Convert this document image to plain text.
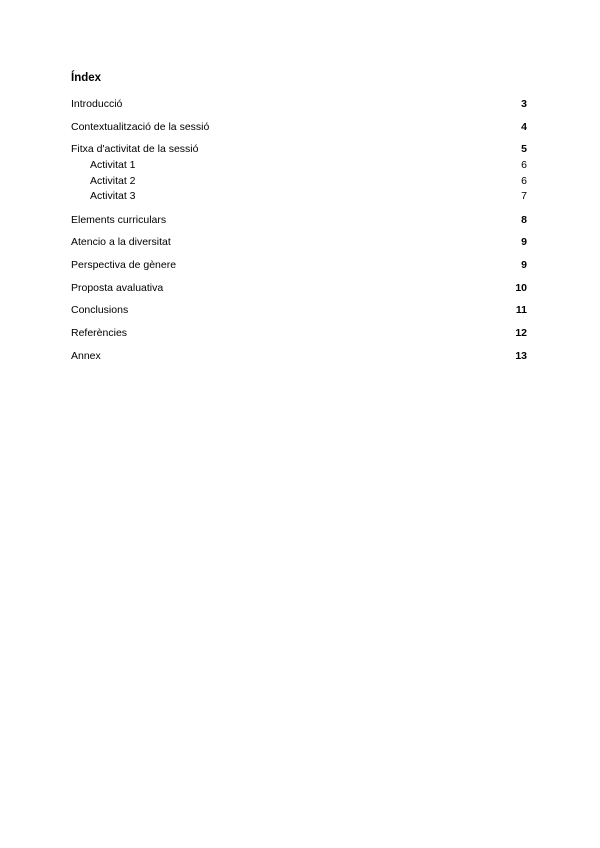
Índex
Introducció	3
Contextualització de la sessió	4
Fitxa d'activitat de la sessió	5
Activitat 1	6
Activitat 2	6
Activitat 3	7
Elements curriculars	8
Atencio a la diversitat	9
Perspectiva de gènere	9
Proposta avaluativa	10
Conclusions	11
Referències	12
Annex	13
